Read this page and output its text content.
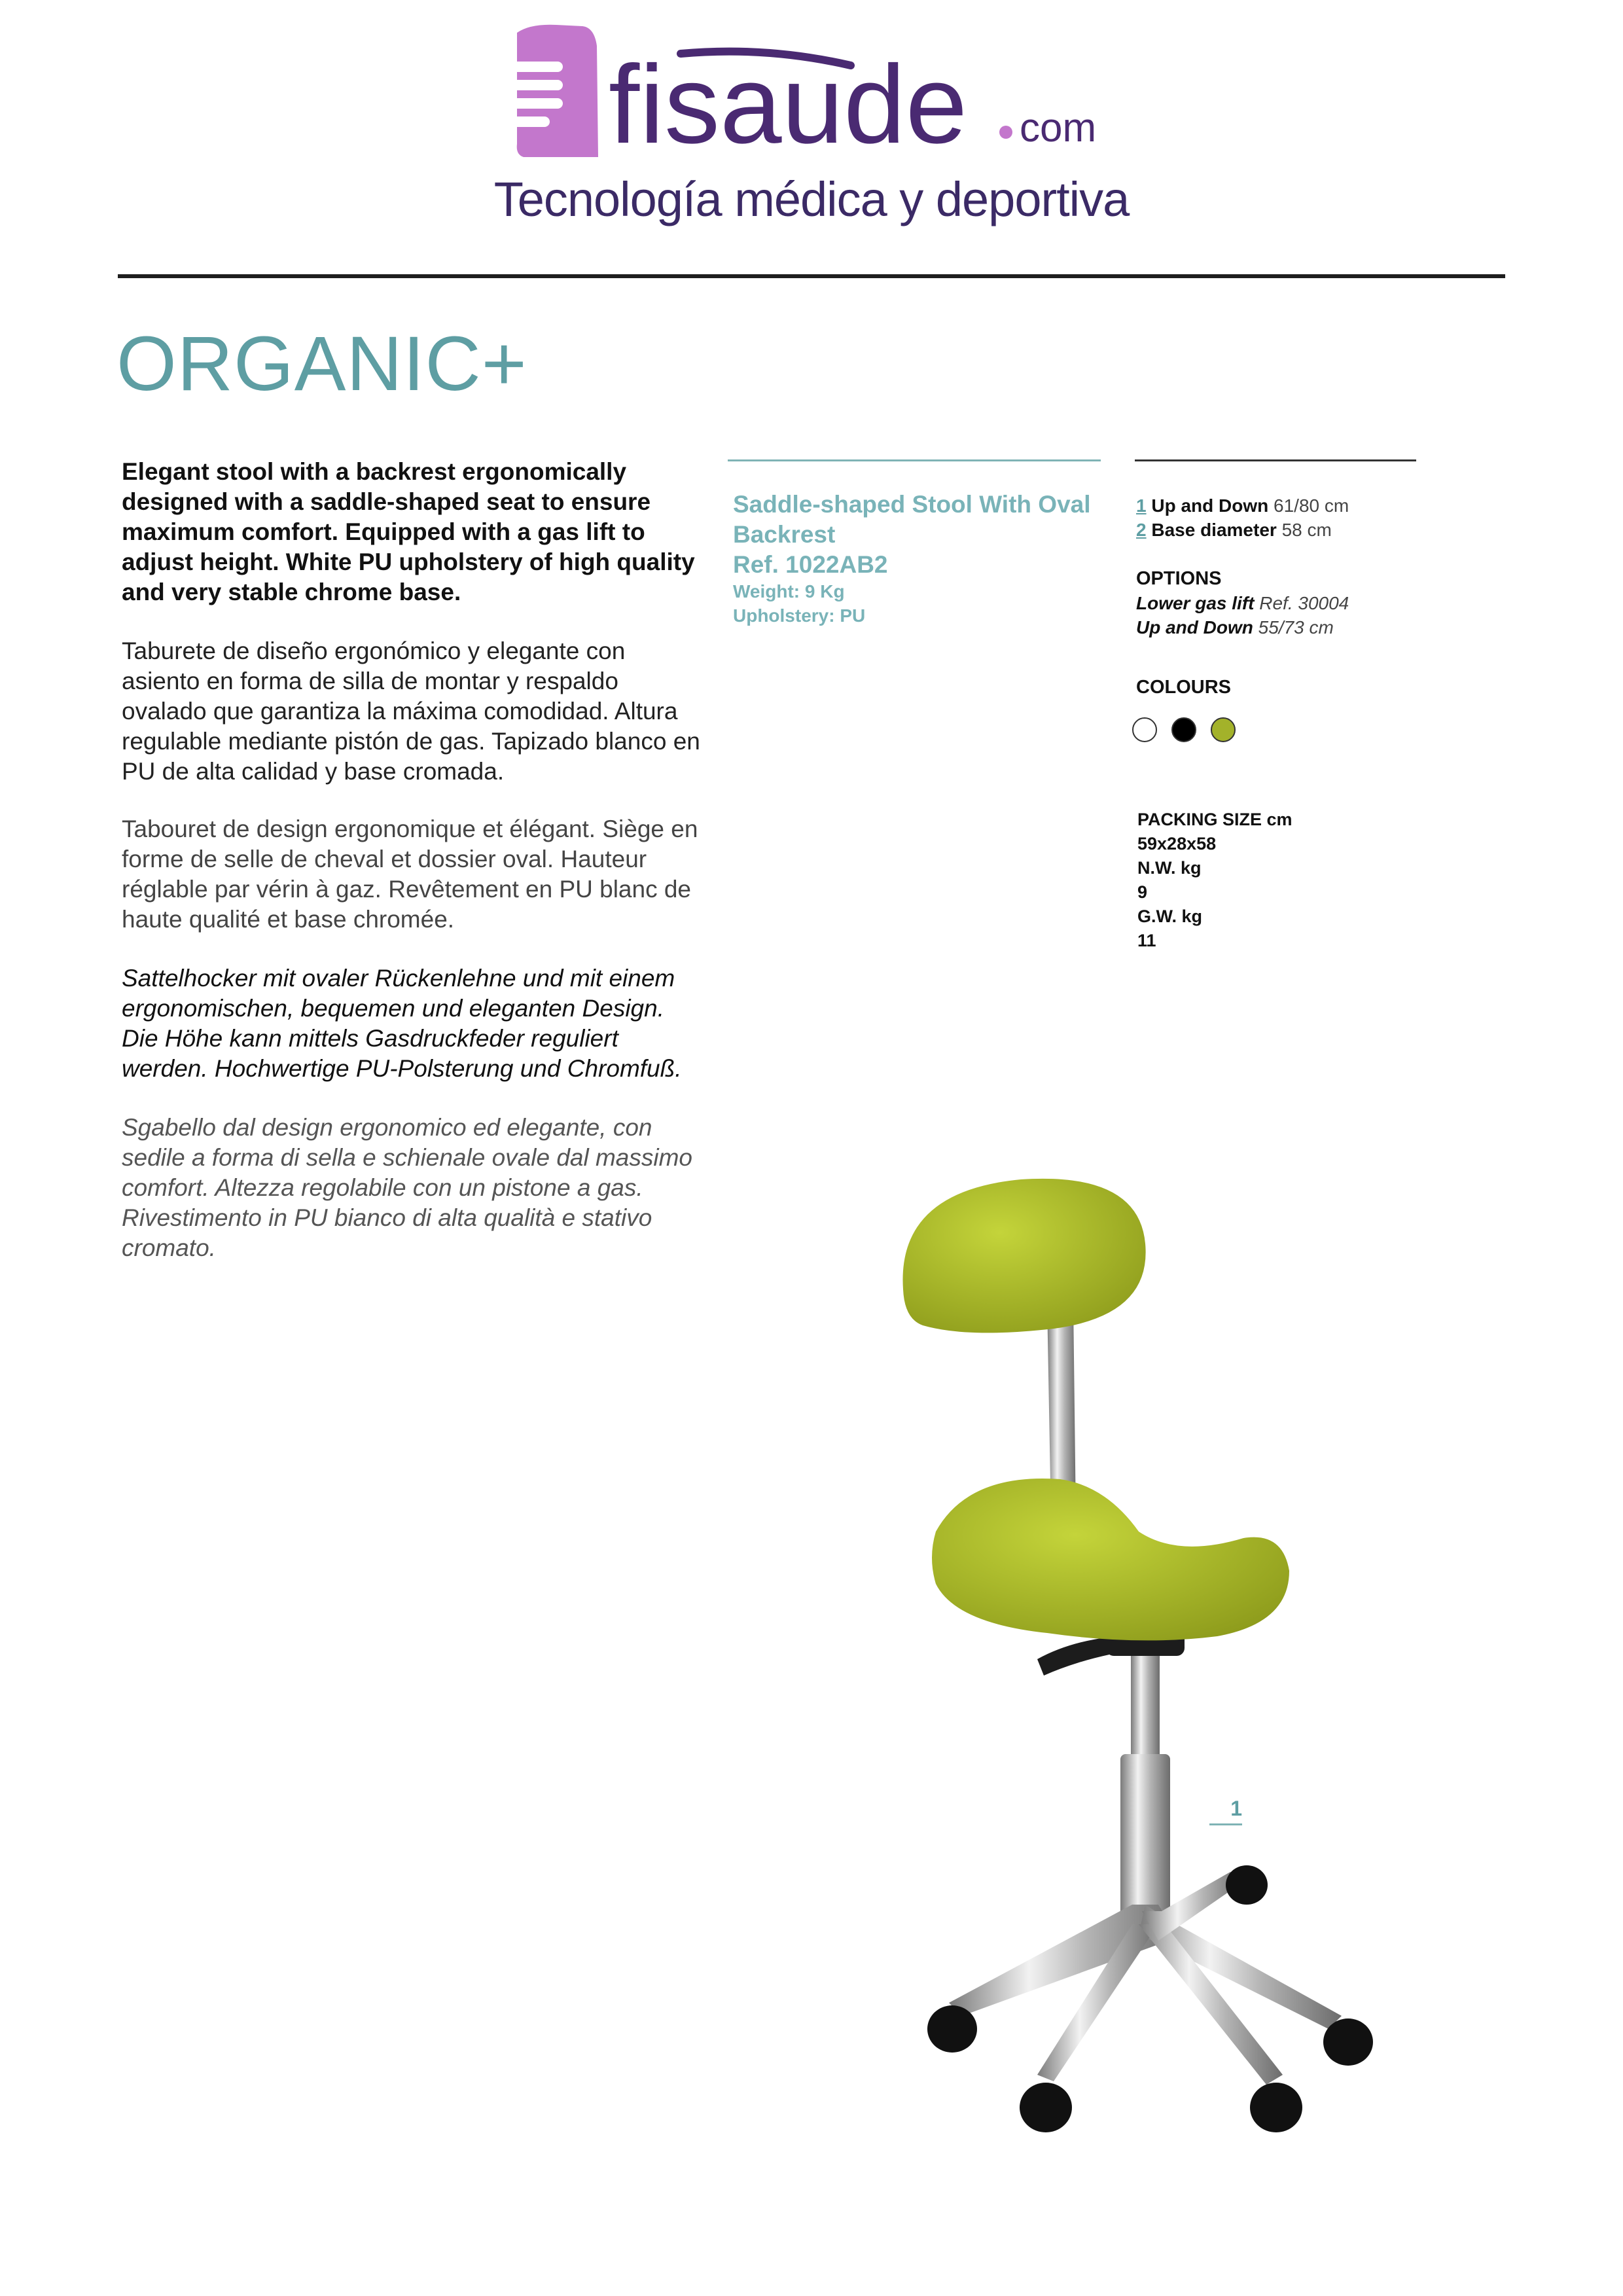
fisaude com
Tecnología médica y deportiva
ORGANIC+

Elegant stool with a backrest ergonomically designed with a saddle-shaped seat to ensure maximum comfort. Equipped with a gas lift to adjust height. White PU upholstery of high quality and very stable chrome base.

Taburete de diseño ergonómico y elegante con asiento en forma de silla de montar y respaldo ovalado que garantiza la máxima comodidad. Altura regulable mediante pistón de gas. Tapizado blanco en PU de alta calidad y base cromada.

Tabouret de design ergonomique et élégant. Siège en forme de selle de cheval et dossier oval. Hauteur réglable par vérin à gaz. Revêtement en PU blanc de haute qualité et base chromée.

Sattelhocker mit ovaler Rückenlehne und mit einem ergonomischen, bequemen und eleganten Design. Die Höhe kann mittels Gasdruckfeder reguliert werden. Hochwertige PU-Polsterung und Chromfuß.

Sgabello dal design ergonomico ed elegante, con sedile a forma di sella e schienale ovale dal massimo comfort. Altezza regolabile con un pistone a gas. Rivestimento in PU bianco di alta qualità e stativo cromato.

Saddle-shaped Stool With Oval Backrest
Ref. 1022AB2
Weight: 9 Kg
Upholstery: PU
1 Up and Down 61/80 cm
2 Base diameter 58 cm
OPTIONS
Lower gas lift Ref. 30004
Up and Down 55/73 cm
COLOURS
PACKING SIZE cm
59x28x58
N.W. kg
9
G.W. kg
11
1
